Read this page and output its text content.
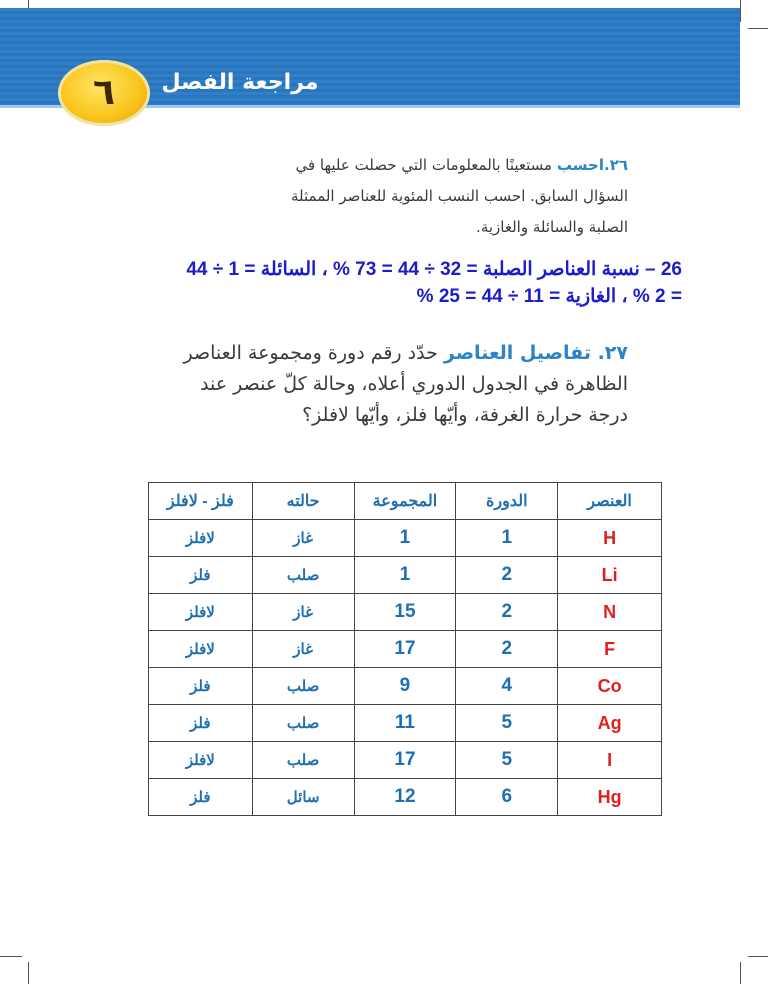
مراجعة الفصل
٦
٢٦.احسب مستعينًا بالمعلومات التي حصلت عليها في السؤال السابق. احسب النسب المئوية للعناصر الممثلة الصلبة والسائلة والغازية.
26 – نسبة العناصر الصلبة = 32 ÷ 44 = 73 % ، السائلة = 1 ÷ 44
= 2 % ، الغازية = 11 ÷ 44 = 25 %
٢٧. تفاصيل العناصر حدّد رقم دورة ومجموعة العناصر الظاهرة في الجدول الدوري أعلاه، وحالة كلّ عنصر عند درجة حرارة الغرفة، وأيّها فلز، وأيّها لافلز؟
فلز - لافلز	حالته	المجموعة	الدورة	العنصر
لافلز	غاز	1	1	H
فلز	صلب	1	2	Li
لافلز	غاز	15	2	N
لافلز	غاز	17	2	F
فلز	صلب	9	4	Co
فلز	صلب	11	5	Ag
لافلز	صلب	17	5	I
فلز	سائل	12	6	Hg
